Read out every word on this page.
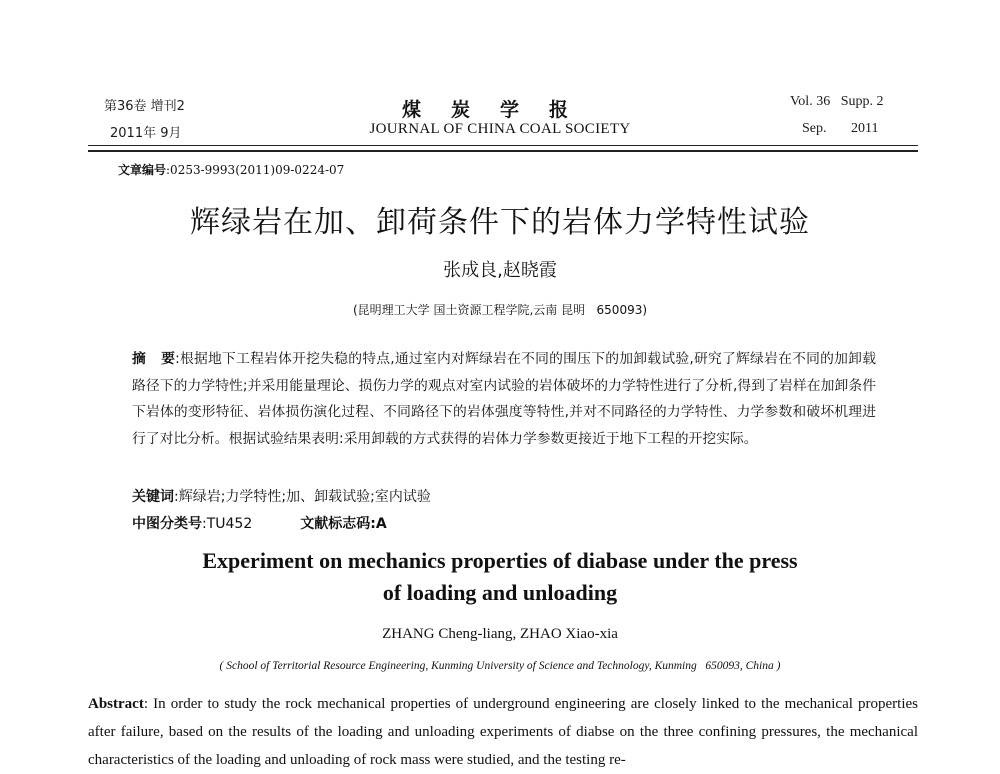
第36卷 增刊2
2011年 9月
煤炭学报
JOURNAL OF CHINA COAL SOCIETY
Vol. 36   Supp. 2
Sep.       2011
文章编号:0253-9993(2011)09-0224-07
辉绿岩在加、卸荷条件下的岩体力学特性试验
张成良,赵晓霞
(昆明理工大学 国土资源工程学院,云南 昆明   650093)
摘   要:根据地下工程岩体开挖失稳的特点,通过室内对辉绿岩在不同的围压下的加卸载试验,研究了辉绿岩在不同的加卸载路径下的力学特性;并采用能量理论、损伤力学的观点对室内试验的岩体破坏的力学特性进行了分析,得到了岩样在加卸条件下岩体的变形特征、岩体损伤演化过程、不同路径下的岩体强度等特性,并对不同路径的力学特性、力学参数和破坏机理进行了对比分析。根据试验结果表明:采用卸载的方式获得的岩体力学参数更接近于地下工程的开挖实际。
关键词:辉绿岩;力学特性;加、卸载试验;室内试验
中图分类号:TU452	文献标志码:A
Experiment on mechanics properties of diabase under the press of loading and unloading
ZHANG Cheng-liang, ZHAO Xiao-xia
( School of Territorial Resource Engineering, Kunming University of Science and Technology, Kunming   650093, China )
Abstract: In order to study the rock mechanical properties of underground engineering are closely linked to the mechanical properties after failure, based on the results of the loading and unloading experiments of diabse on the three confining pressures, the mechanical characteristics of the loading and unloading of rock mass were studied, and the testing re-
